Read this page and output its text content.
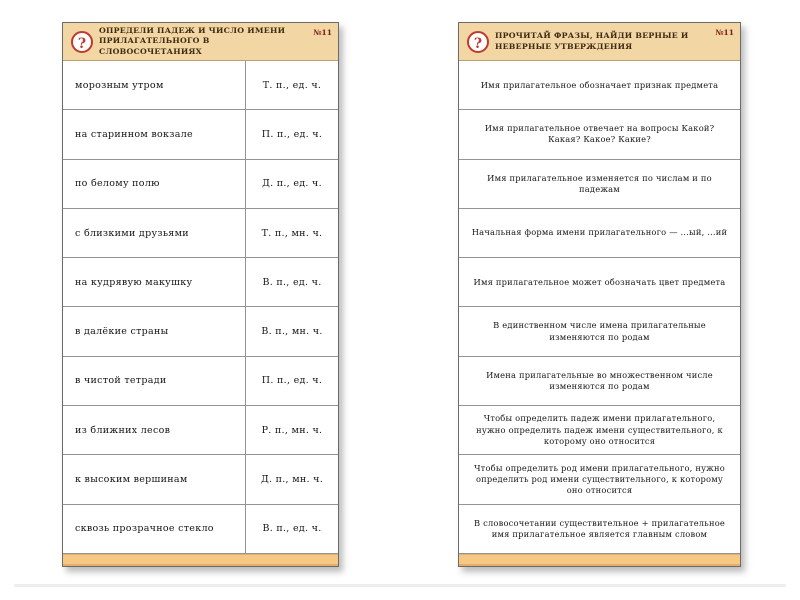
?
ОПРЕДЕЛИ ПАДЕЖ И ЧИСЛО ИМЕНИ ПРИЛАГАТЕЛЬНОГО В СЛОВОСОЧЕТАНИЯХ
№11
морозным утром	Т. п., ед. ч.
на старинном вокзале	П. п., ед. ч.
по белому полю	Д. п., ед. ч.
с близкими друзьями	Т. п., мн. ч.
на кудрявую макушку	В. п., ед. ч.
в далёкие страны	В. п., мн. ч.
в чистой тетради	П. п., ед. ч.
из ближних лесов	Р. п., мн. ч.
к высоким вершинам	Д. п., мн. ч.
сквозь прозрачное стекло	В. п., ед. ч.
?	ПРОЧИТАЙ ФРАЗЫ, НАЙДИ ВЕРНЫЕ И НЕВЕРНЫЕ УТВЕРЖДЕНИЯ
№11
Имя прилагательное обозначает признак предмета
Имя прилагательное отвечает на вопросы Какой? Какая? Какое? Какие?
Имя прилагательное изменяется по числам и по падежам
Начальная форма имени прилагательного — ...ый, ...ий
Имя прилагательное может обозначать цвет предмета
В единственном числе имена прилагательные изменяются по родам
Имена прилагательные во множественном числе изменяются по родам
Чтобы определить падеж имени прилагательного, нужно определить падеж имени существительного, к которому оно относится
Чтобы определить род имени прилагательного, нужно определить род имени существительного, к которому оно относится
В словосочетании существительное + прилагательное имя прилагательное является главным словом
